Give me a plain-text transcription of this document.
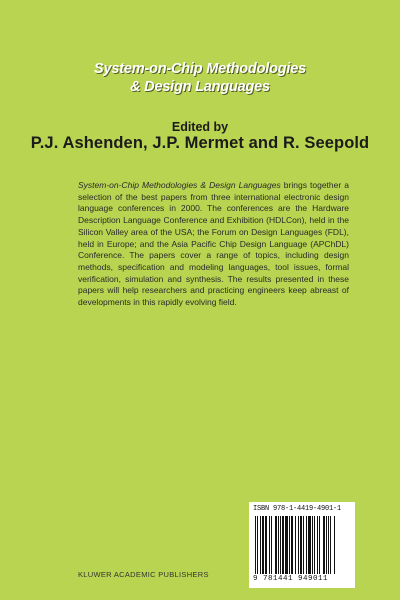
System-on-Chip Methodologies
& Design Languages
Edited by
P.J. Ashenden, J.P. Mermet and R. Seepold
System-on-Chip Methodologies & Design Languages brings together a selection of the best papers from three international electronic design language conferences in 2000. The conferences are the Hardware Description Language Conference and Exhibition (HDLCon), held in the Silicon Valley area of the USA; the Forum on Design Languages (FDL), held in Europe; and the Asia Pacific Chip Design Language (APChDL) Conference. The papers cover a range of topics, including design methods, specification and modeling languages, tool issues, formal verification, simulation and synthesis. The results presented in these papers will help researchers and practicing engineers keep abreast of developments in this rapidly evolving field.
ISBN 978-1-4419-4901-1
9 781441 949011
KLUWER ACADEMIC PUBLISHERS
